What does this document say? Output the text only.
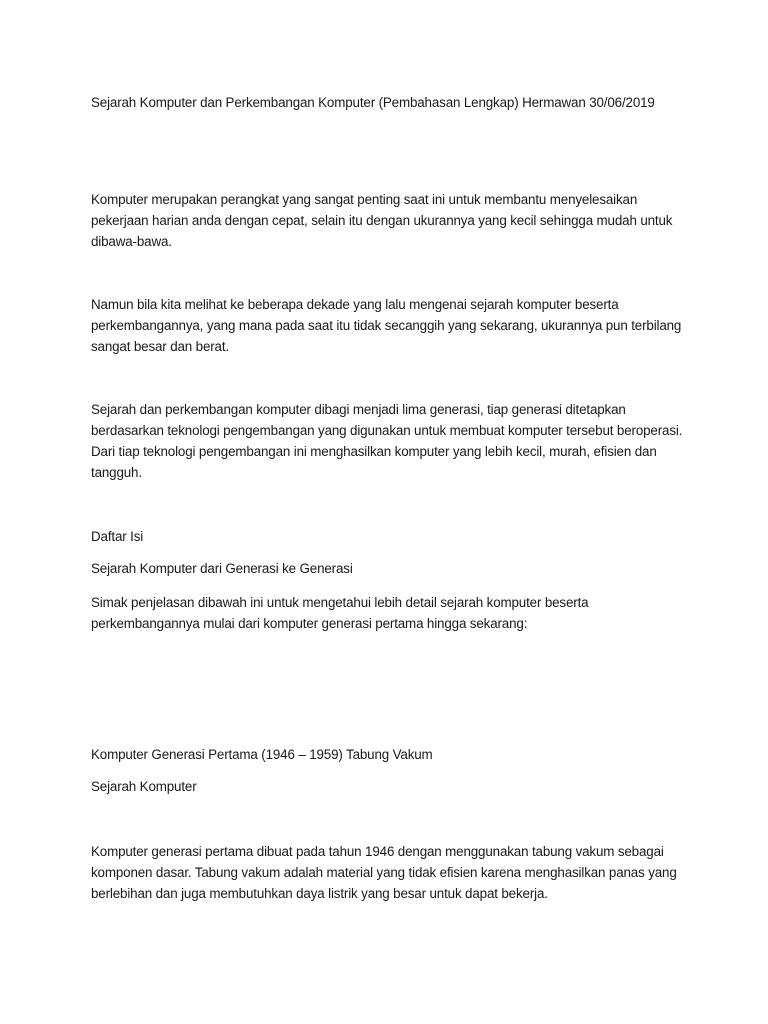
Sejarah Komputer dan Perkembangan Komputer (Pembahasan Lengkap) Hermawan 30/06/2019

Komputer merupakan perangkat yang sangat penting saat ini untuk membantu menyelesaikan
pekerjaan harian anda dengan cepat, selain itu dengan ukurannya yang kecil sehingga mudah untuk
dibawa-bawa.

Namun bila kita melihat ke beberapa dekade yang lalu mengenai sejarah komputer beserta
perkembangannya, yang mana pada saat itu tidak secanggih yang sekarang, ukurannya pun terbilang
sangat besar dan berat.

Sejarah dan perkembangan komputer dibagi menjadi lima generasi, tiap generasi ditetapkan
berdasarkan teknologi pengembangan yang digunakan untuk membuat komputer tersebut beroperasi.
Dari tiap teknologi pengembangan ini menghasilkan komputer yang lebih kecil, murah, efisien dan
tangguh.

Daftar Isi

Sejarah Komputer dari Generasi ke Generasi

Simak penjelasan dibawah ini untuk mengetahui lebih detail sejarah komputer beserta
perkembangannya mulai dari komputer generasi pertama hingga sekarang:

Komputer Generasi Pertama (1946 – 1959) Tabung Vakum

Sejarah Komputer

Komputer generasi pertama dibuat pada tahun 1946 dengan menggunakan tabung vakum sebagai
komponen dasar. Tabung vakum adalah material yang tidak efisien karena menghasilkan panas yang
berlebihan dan juga membutuhkan daya listrik yang besar untuk dapat bekerja.
